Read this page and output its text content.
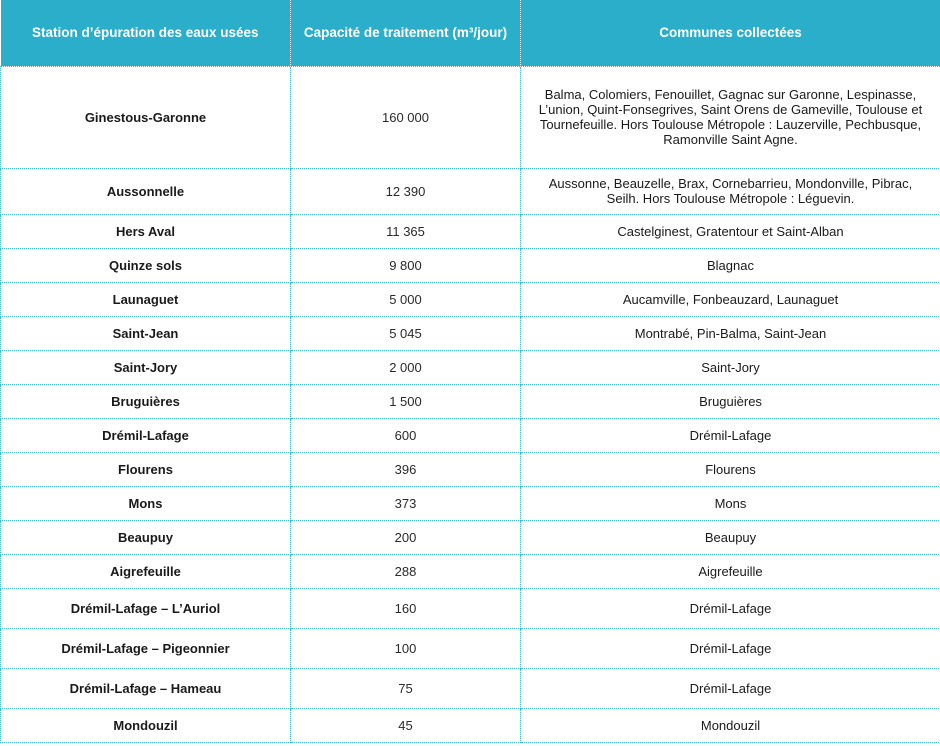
Station d’épuration des eaux usées	Capacité de traitement (m³/jour)	Communes collectées
Ginestous-Garonne	160 000	Balma, Colomiers, Fenouillet, Gagnac sur Garonne, Lespinasse, L’union, Quint-Fonsegrives, Saint Orens de Gameville, Toulouse et Tournefeuille. Hors Toulouse Métropole : Lauzerville, Pechbusque, Ramonville Saint Agne.
Aussonnelle	12 390	Aussonne, Beauzelle, Brax, Cornebarrieu, Mondonville, Pibrac, Seilh. Hors Toulouse Métropole : Léguevin.
Hers Aval	11 365	Castelginest, Gratentour et Saint-Alban
Quinze sols	9 800	Blagnac
Launaguet	5 000	Aucamville, Fonbeauzard, Launaguet
Saint-Jean	5 045	Montrabé, Pin-Balma, Saint-Jean
Saint-Jory	2 000	Saint-Jory
Bruguières	1 500	Bruguières
Drémil-Lafage	600	Drémil-Lafage
Flourens	396	Flourens
Mons	373	Mons
Beaupuy	200	Beaupuy
Aigrefeuille	288	Aigrefeuille
Drémil-Lafage – L’Auriol	160	Drémil-Lafage
Drémil-Lafage – Pigeonnier	100	Drémil-Lafage
Drémil-Lafage – Hameau	75	Drémil-Lafage
Mondouzil	45	Mondouzil
